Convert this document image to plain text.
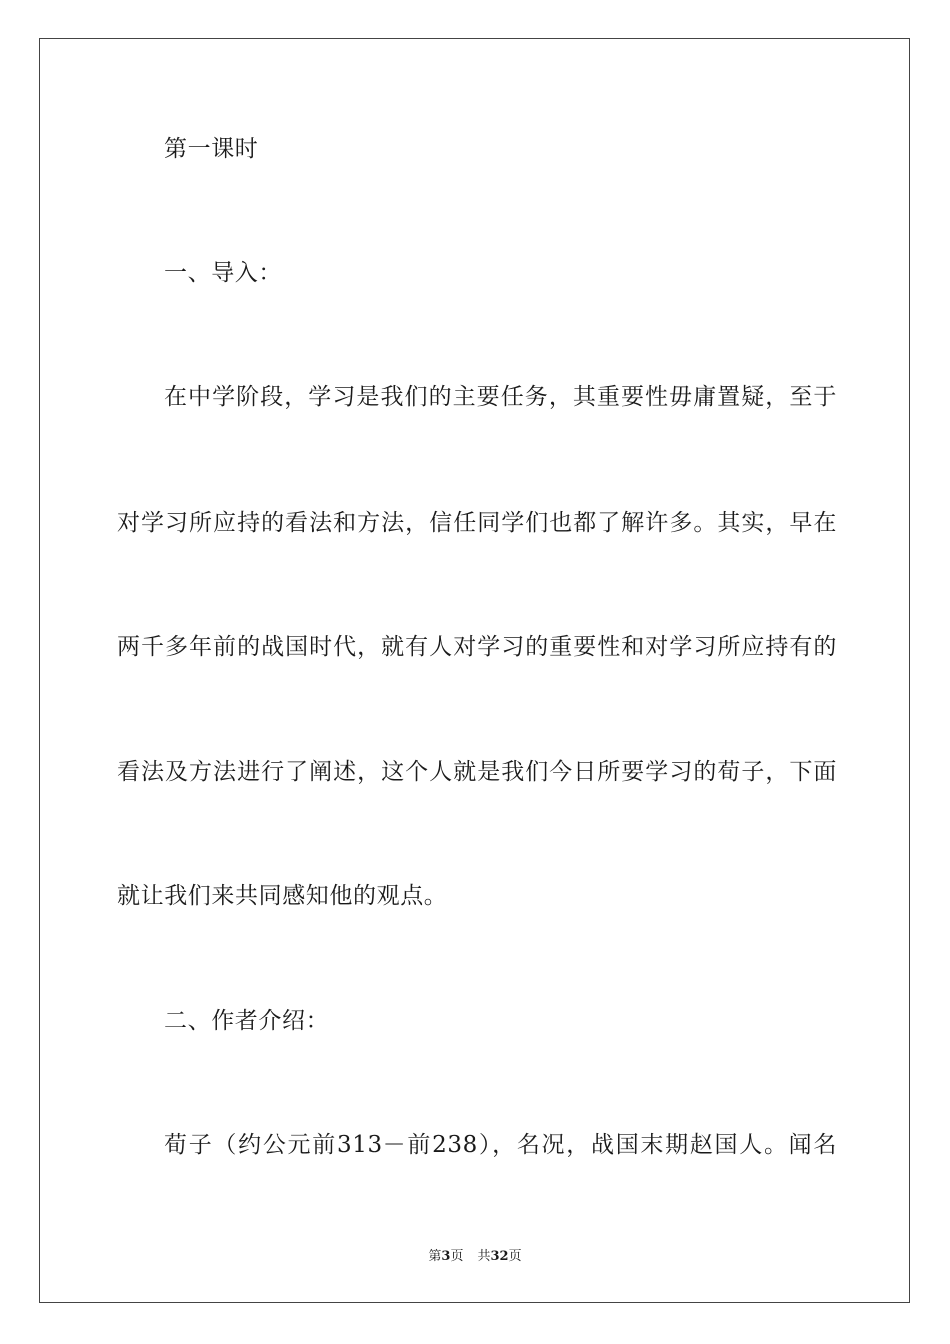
第一课时
一、导入：
在中学阶段，学习是我们的主要任务，其重要性毋庸置疑，至于
对学习所应持的看法和方法，信任同学们也都了解许多。其实，早在
两千多年前的战国时代，就有人对学习的重要性和对学习所应持有的
看法及方法进行了阐述，这个人就是我们今日所要学习的荀子，下面
就让我们来共同感知他的观点。
二、作者介绍：
荀子（约公元前313－前238），名况，战国末期赵国人。闻名
第3页 共32页
